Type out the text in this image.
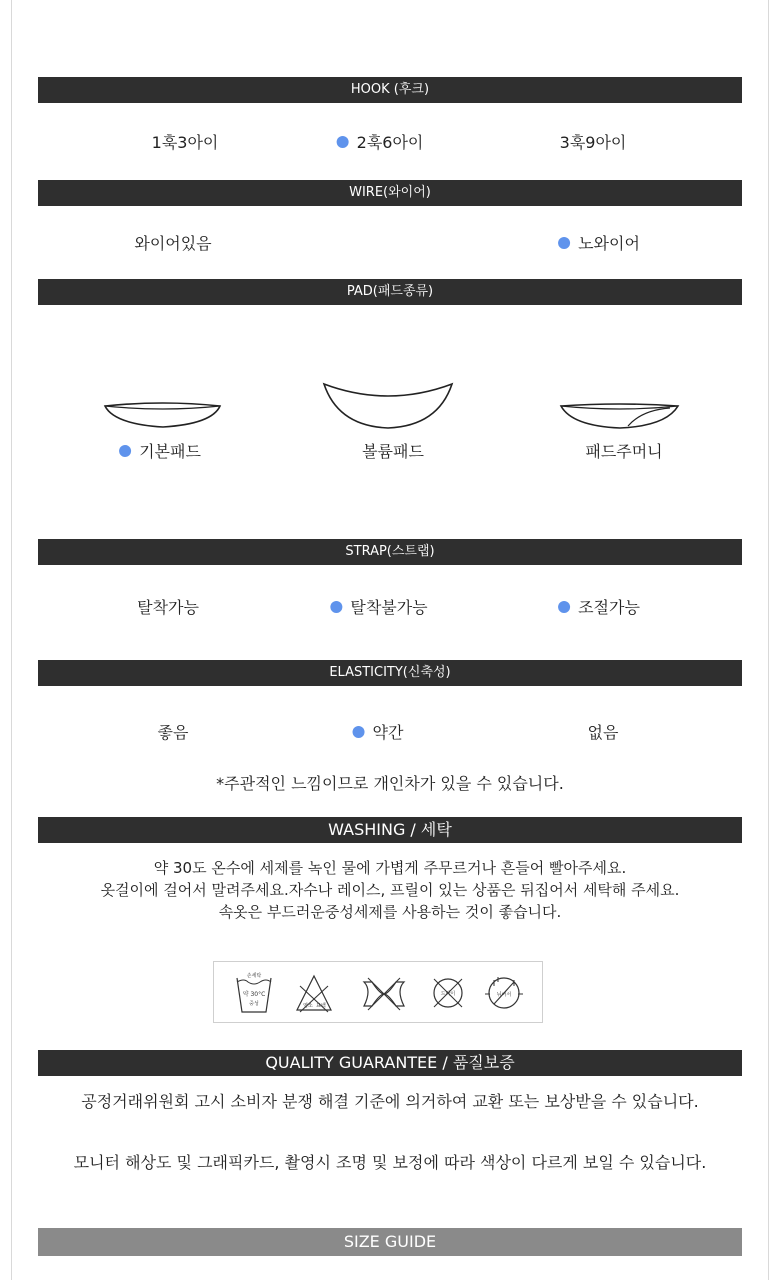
HOOK (후크)
1훅3아이	2훅6아이	3훅9아이
WIRE(와이어)
와이어있음	노와이어
PAD(패드종류)
기본패드	볼륨패드	패드주머니
STRAP(스트랩)
탈착가능	탈착불가능	조절가능
ELASTICITY(신축성)
좋음	약간	없음
*주관적인 느낌이므로 개인차가 있을 수 있습니다.
WASHING / 세탁
약 30도 온수에 세제를 녹인 물에 가볍게 주무르거나 흔들어 빨아주세요.
옷걸이에 걸어서 말려주세요.자수나 레이스, 프릴이 있는 상품은 뒤집어서 세탁해 주세요.
속옷은 부드러운중성세제를 사용하는 것이 좋습니다.
손세탁
약 30°C
중성	염소 표백
드라이	뉘어서
QUALITY GUARANTEE / 품질보증
공정거래위원회 고시 소비자 분쟁 해결 기준에 의거하여 교환 또는 보상받을 수 있습니다.
모니터 해상도 및 그래픽카드, 촬영시 조명 및 보정에 따라 색상이 다르게 보일 수 있습니다.
SIZE GUIDE
